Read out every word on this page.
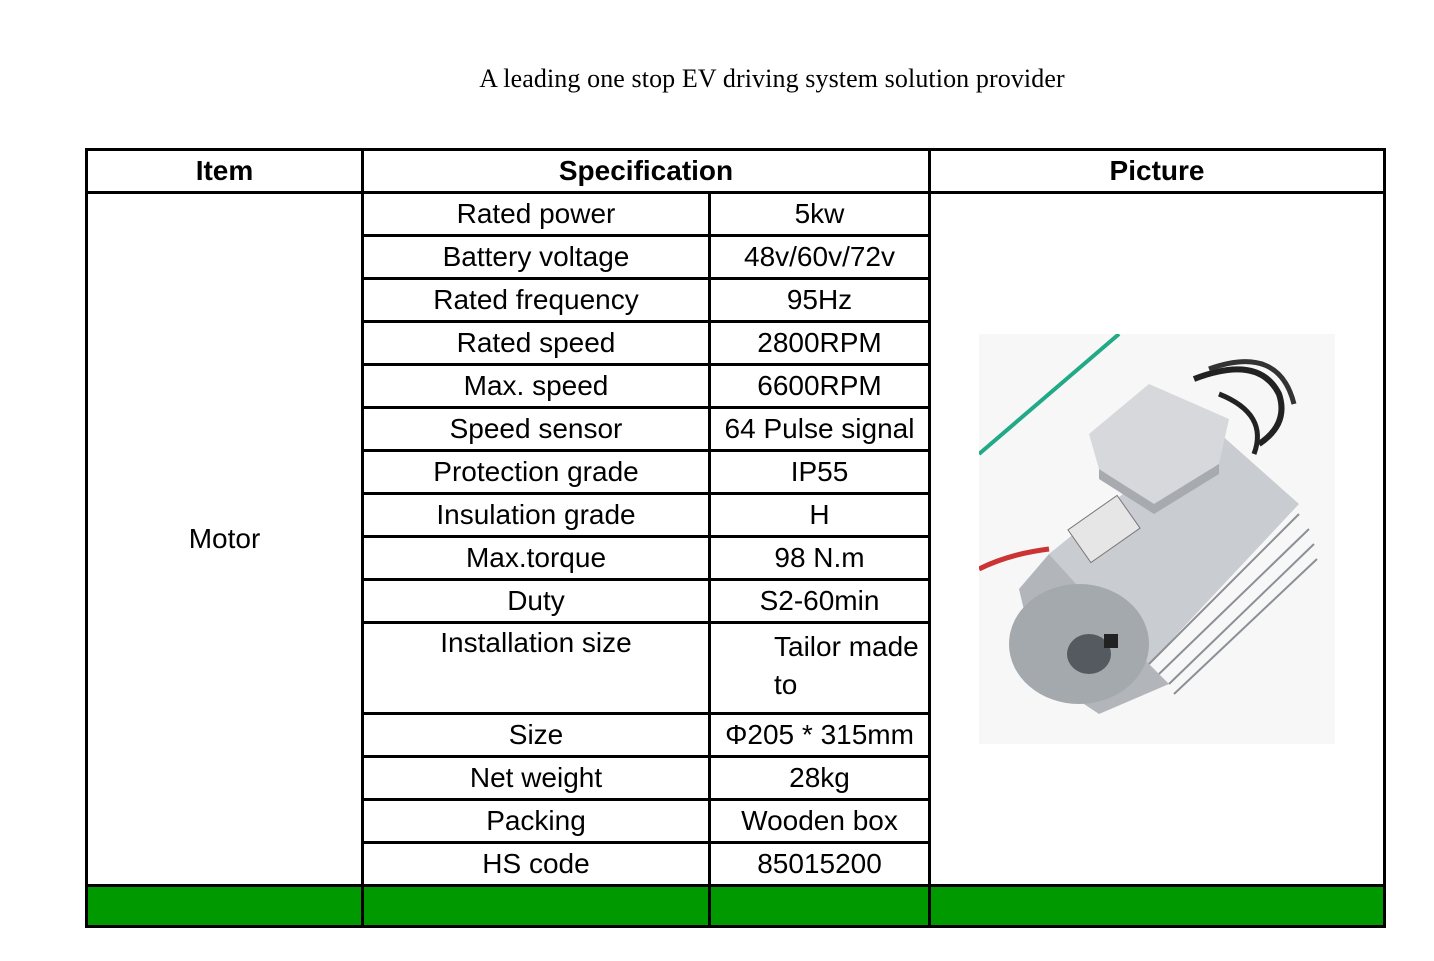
A leading one stop EV driving system solution provider
Item	Specification		Picture
Motor	Rated power	5kw	

	Battery voltage	48v/60v/72v	
	Rated frequency	95Hz	
	Rated speed	2800RPM	
	Max. speed	6600RPM	
	Speed sensor	64 Pulse signal	
	Protection grade	IP55	
	Insulation grade	H	
	Max.torque	98 N.m	
	Duty	S2-60min	
	Installation size	Tailor made to	
	Size	Φ205 * 315mm	
	Net weight	28kg	
	Packing	Wooden box	
	HS code	85015200	
